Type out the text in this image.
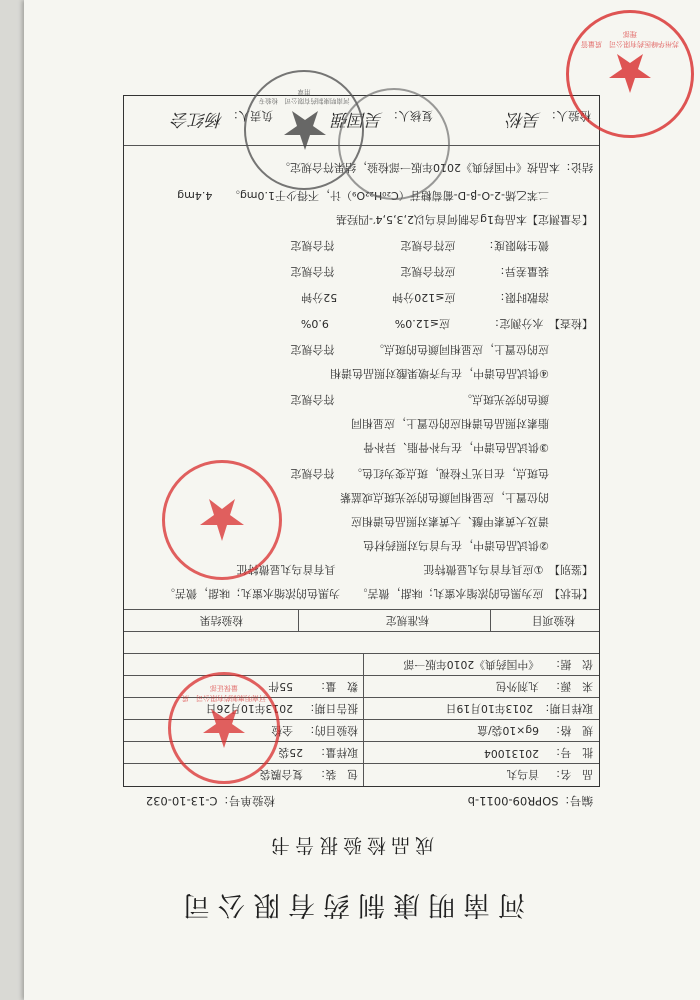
河南明康制药有限公司
成品检验报告书
编号：SOPR09-0011-b
检验单号：C-13-10-032
品　名：
首乌丸
包　装：
复合膜袋
批　号：
20131004
取样量：
25袋
规　格：
6g×10袋/盒
检验目的：
全检
取样日期：
2013年10月19日
报告日期：
2013年10月26日
来　源：
丸剂外包
数　量：
55件
依　据：
《中国药典》2010年版一部
检验项目
标准规定
检验结果
【性状】　应为黑色的浓缩水蜜丸；味甜，微苦。　　为黑色的浓缩水蜜丸；味甜，微苦。
【鉴别】　①应具有首乌丸显微特征　　　　　　　　具有首乌丸显微特征
　　　　②供试品色谱中，在与首乌对照药材色
　　　　谱及大黄素甲醚、大黄素对照品色谱相应
　　　　的位置上，应显相同颜色的荧光斑点或蓝紫
　　　　色斑点，在日光下检视，斑点变为红色。　　符合规定
　　　　③供试品色谱中，在与补骨脂、异补骨
　　　　脂素对照品色谱相应的位置上，应显相同
　　　　颜色的荧光斑点。　　　　　　　　　　　　符合规定
　　　　④供试品色谱中，在与齐墩果酸对照品色谱相
　　　　应的位置上，应显相同颜色的斑点。　　　　符合规定
【检查】　水分测定：　　　　应≤12.0%　　　　　　9.0%
　　　　溶散时限：　　　　应≤120分钟　　　　　52分钟
　　　　装量差异：　　　　应符合规定　　　　　　符合规定
　　　　微生物限度：　　　应符合规定　　　　　　符合规定
【含量测定】本品每1g含制何首乌以2,3,5,4′-四羟基
　　　　二苯乙烯-2-O-β-D-葡萄糖苷（C₂₀H₂₂O₉）计，不得少于1.0mg。　　4.4mg
结论：本品按《中国药典》2010年版一部检验，结果符合规定。
检验人：
吴松
复核人：
吴国强
负责人：
杨红会
河南明康制药有限公司　质量保证部
河南明康制药有限公司　检验专用章
苏州华峰医药有限公司　质量管理部
